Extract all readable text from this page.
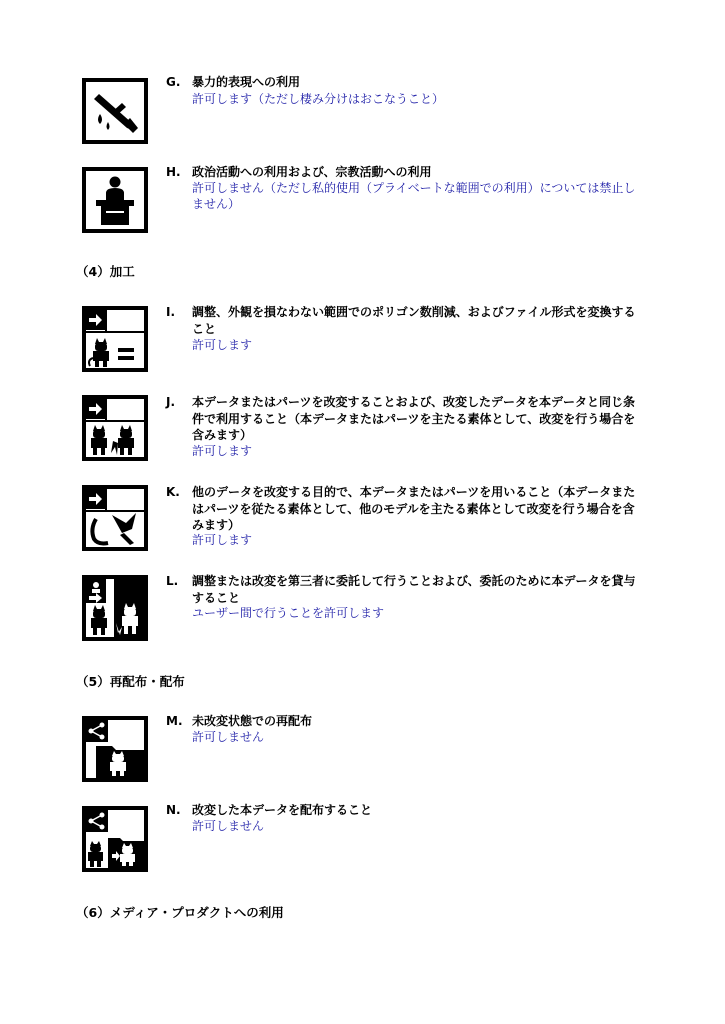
G. 暴力的表現への利用
許可します（ただし棲み分けはおこなうこと）
H. 政治活動への利用および、宗教活動への利用
許可しません（ただし私的使用（プライベートな範囲での利用）については禁止しません）
（4）加工
I. 調整、外観を損なわない範囲でのポリゴン数削減、およびファイル形式を変換すること
許可します
J. 本データまたはパーツを改変することおよび、改変したデータを本データと同じ条件で利用すること（本データまたはパーツを主たる素体として、改変を行う場合を含みます）
許可します
K. 他のデータを改変する目的で、本データまたはパーツを用いること（本データまたはパーツを従たる素体として、他のモデルを主たる素体として改変を行う場合を含みます）
許可します
L. 調整または改変を第三者に委託して行うことおよび、委託のために本データを貸与すること
ユーザー間で行うことを許可します
（5）再配布・配布
M. 未改変状態での再配布
許可しません
N. 改変した本データを配布すること
許可しません
（6）メディア・プロダクトへの利用
